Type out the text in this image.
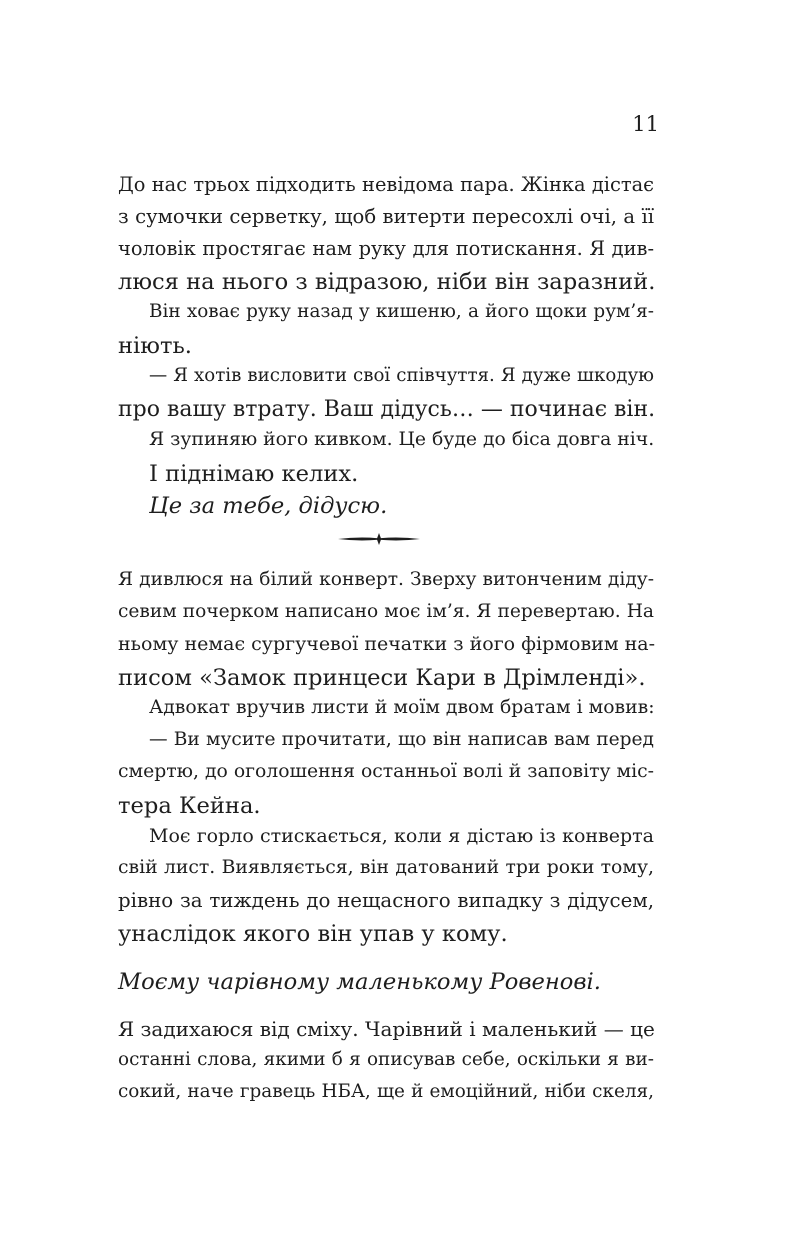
11
До нас трьох підходить невідома пара. Жінка дістає
з сумочки серветку, щоб витерти пересохлі очі, а її
чоловік простягає нам руку для потискання. Я див-
люся на нього з відразою, ніби він заразний.
Він ховає руку назад у кишеню, а його щоки рум’я-
ніють.
— Я хотів висловити свої співчуття. Я дуже шкодую
про вашу втрату. Ваш дідусь… — починає він.
Я зупиняю його кивком. Це буде до біса довга ніч.
І піднімаю келих.
Це за тебе, дідусю.
Я дивлюся на білий конверт. Зверху витонченим діду-
севим почерком написано моє ім’я. Я перевертаю. На
ньому немає сургучевої печатки з його фірмовим на-
писом «Замок принцеси Кари в Дрімленді».
Адвокат вручив листи й моїм двом братам і мовив:
— Ви мусите прочитати, що він написав вам перед
смертю, до оголошення останньої волі й заповіту міс-
тера Кейна.
Моє горло стискається, коли я дістаю із конверта
свій лист. Виявляється, він датований три роки тому,
рівно за тиждень до нещасного випадку з дідусем,
унаслідок якого він упав у кому.
Моєму чарівному маленькому Ровенові.
Я задихаюся від сміху. Чарівний і маленький — це
останні слова, якими б я описував себе, оскільки я ви-
сокий, наче гравець НБА, ще й емоційний, ніби скеля,
